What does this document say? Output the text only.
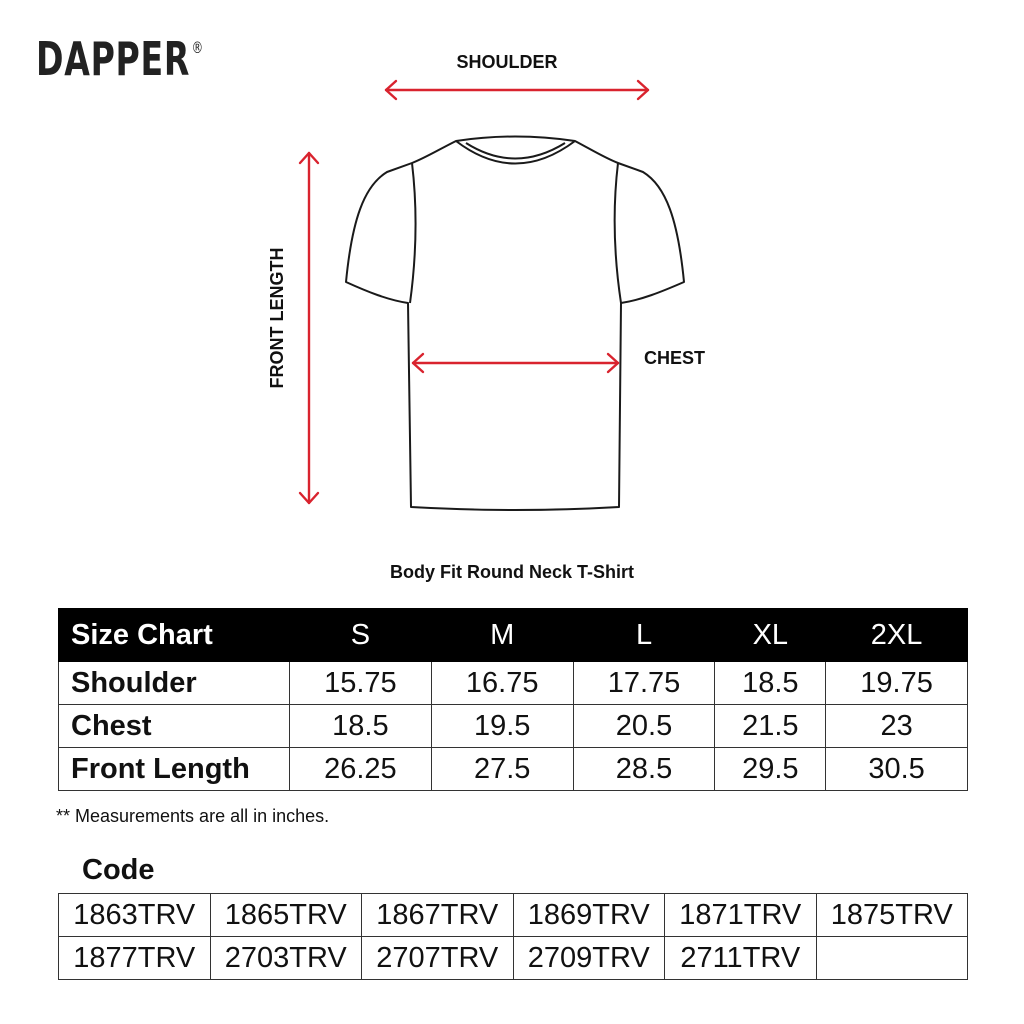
DAPPER®
SHOULDER
CHEST
FRONT LENGTH
Body Fit Round Neck T-Shirt
Size Chart	S	M	L	XL	2XL
Shoulder	15.75	16.75	17.75	18.5	19.75
Chest	18.5	19.5	20.5	21.5	23
Front Length	26.25	27.5	28.5	29.5	30.5
** Measurements are all in inches.
Code
1863TRV	1865TRV	1867TRV	1869TRV	1871TRV	1875TRV
1877TRV	2703TRV	2707TRV	2709TRV	2711TRV	
